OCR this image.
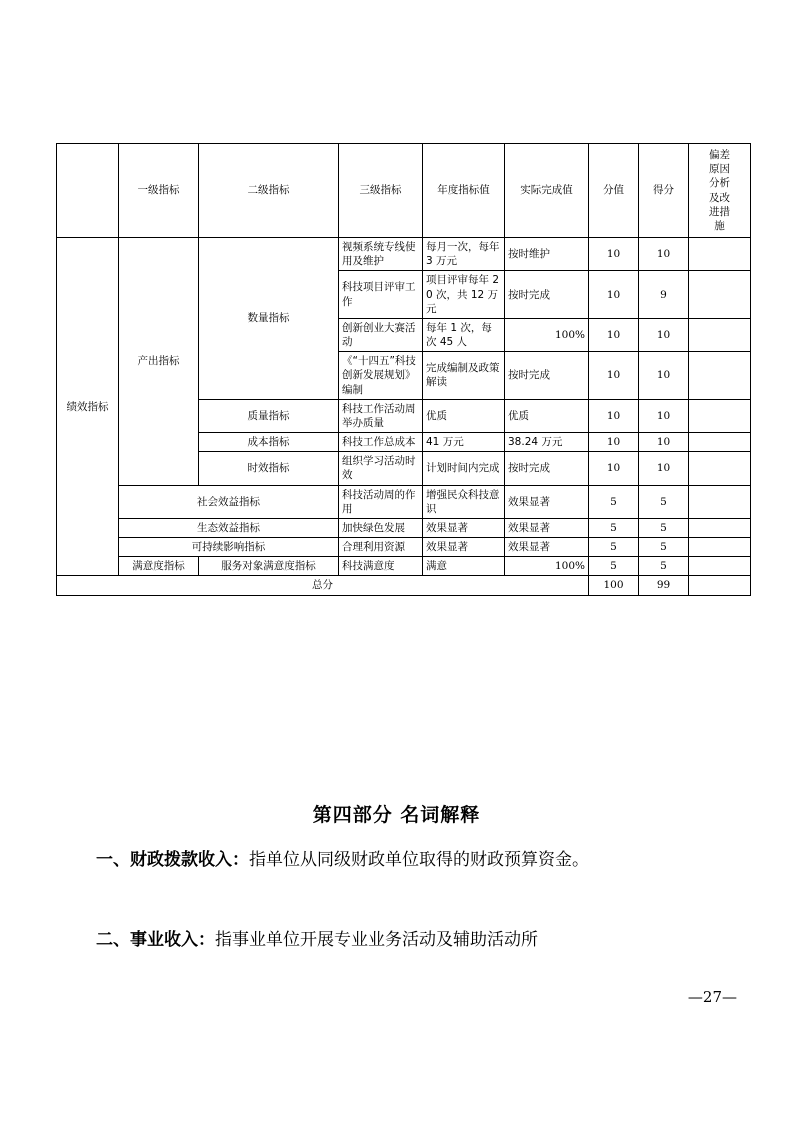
	一级指标	二级指标	三级指标	年度指标值	实际完成值	分值	得分	偏差原因分析及改进措施
绩效指标	产出指标	数量指标	视频系统专线使用及维护	每月一次，每年 3 万元	按时维护	10	10	
			科技项目评审工作	项目评审每年 20 次，共 12 万元	按时完成	10	9	
			创新创业大赛活动	每年 1 次，每次 45 人	100%	10	10	
			《“十四五”科技创新发展规划》编制	完成编制及政策解读	按时完成	10	10	
		质量指标	科技工作活动周举办质量	优质	优质	10	10	
		成本指标	科技工作总成本	41 万元	38.24 万元	10	10	
		时效指标	组织学习活动时效	计划时间内完成	按时完成	10	10	
	社会效益指标		科技活动周的作用	增强民众科技意识	效果显著	5	5	
	生态效益指标		加快绿色发展	效果显著	效果显著	5	5	
	可持续影响指标		合理利用资源	效果显著	效果显著	5	5	
	满意度指标	服务对象满意度指标	科技满意度	满意	100%	5	5	
总分						100	99	
第四部分 名词解释
一、财政拨款收入：指单位从同级财政单位取得的财政预算资金。
二、事业收入：指事业单位开展专业业务活动及辅助活动所
—27—
